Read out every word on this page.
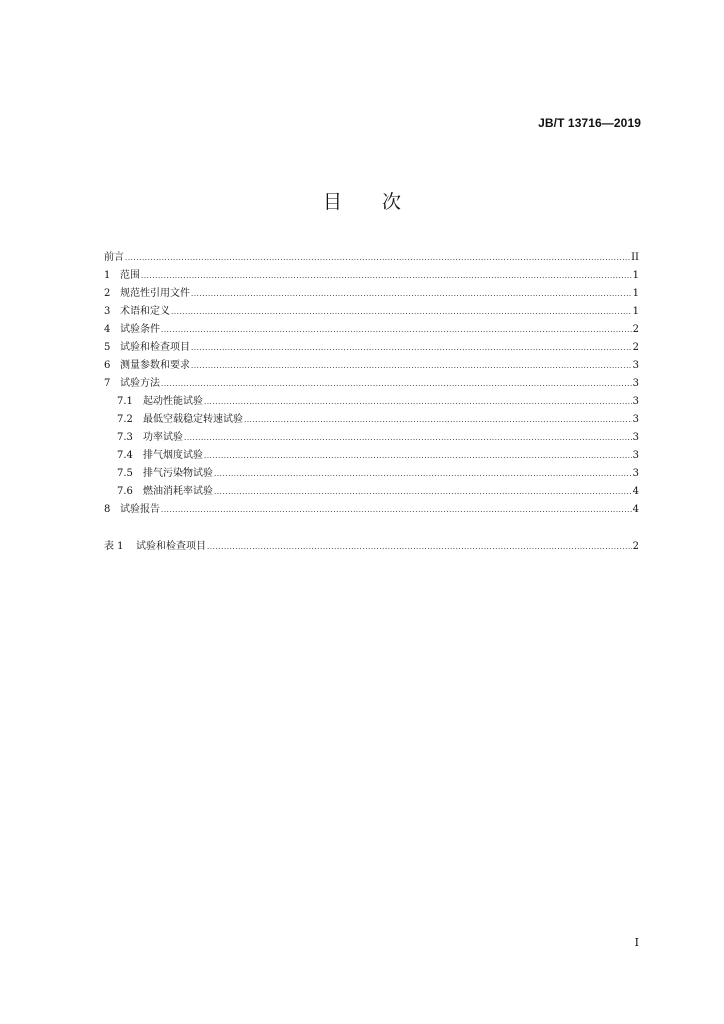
JB/T 13716—2019
目 次
前言 .....	II
1 范围 .....	1
2 规范性引用文件 .....	1
3 术语和定义 .....	1
4 试验条件 .....	2
5 试验和检查项目 .....	2
6 测量参数和要求 .....	3
7 试验方法 .....	3
7.1	起动性能试验 .....	3
7.2	最低空载稳定转速试验 .....	3
7.3	功率试验 .....	3
7.4	排气烟度试验 .....	3
7.5	排气污染物试验 .....	3
7.6	燃油消耗率试验 .....	4
8 试验报告 .....	4
表 1	试验和检查项目 .....	2
I
